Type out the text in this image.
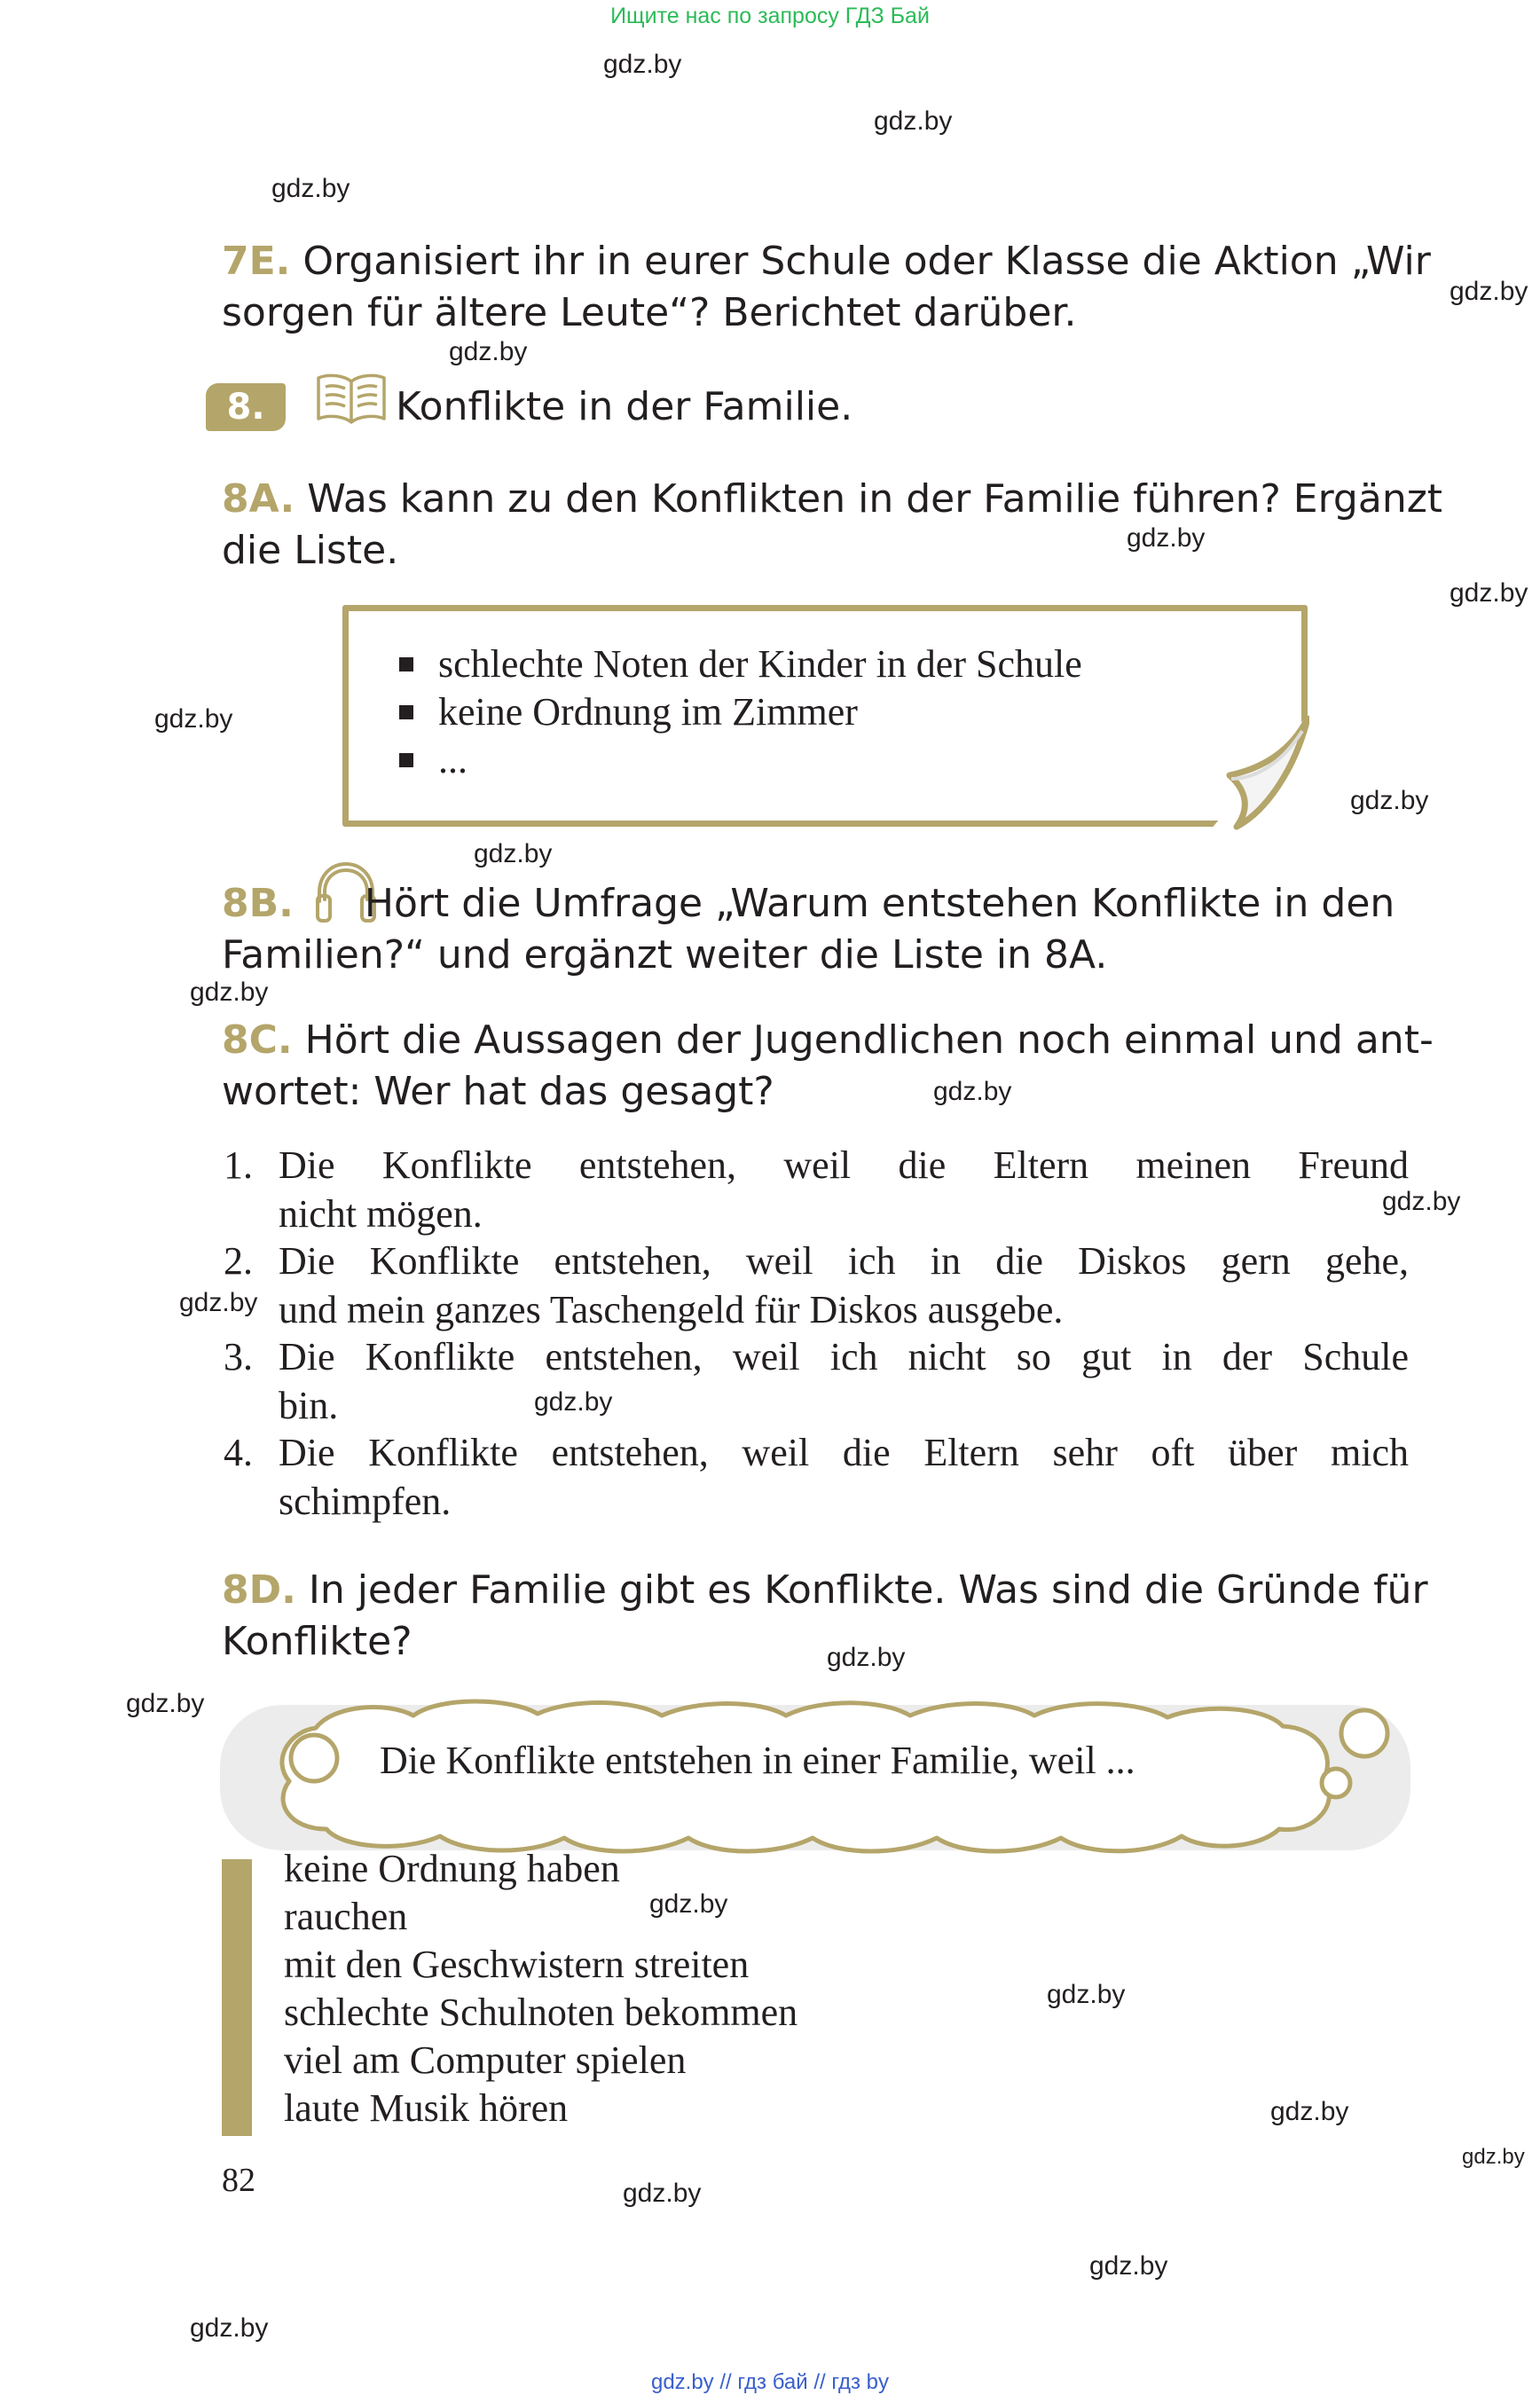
Ищите нас по запросу ГДЗ Бай
gdz.by
gdz.by
gdz.by
gdz.by
gdz.by
gdz.by
gdz.by
gdz.by
gdz.by
gdz.by
gdz.by
gdz.by
gdz.by
gdz.by
gdz.by
gdz.by
gdz.by
gdz.by
gdz.by
gdz.by
gdz.by
gdz.by
gdz.by
gdz.by
7E. Organisiert ihr in eurer Schule oder Klasse die Aktion „Wir
sorgen für ältere Leute“? Berichtet darüber.
8.	Konflikte in der Familie.
8A. Was kann zu den Konflikten in der Familie führen? Ergänzt
die Liste.
schlechte Noten der Kinder in der Schule
keine Ordnung im Zimmer
...
8B. Hört die Umfrage „Warum entstehen Konflikte in den
Familien?“ und ergänzt weiter die Liste in 8A.
8C. Hört die Aussagen der Jugendlichen noch einmal und ant-
wortet: Wer hat das gesagt?
1. Die Konflikte entstehen, weil die Eltern meinen Freund
nicht mögen.
2. Die Konflikte entstehen, weil ich in die Diskos gern gehe,
und mein ganzes Taschengeld für Diskos ausgebe.
3. Die Konflikte entstehen, weil ich nicht so gut in der Schule
bin.
4. Die Konflikte entstehen, weil die Eltern sehr oft über mich
schimpfen.
8D. In jeder Familie gibt es Konflikte. Was sind die Gründe für
Konflikte?
Die Konflikte entstehen in einer Familie, weil ...
keine Ordnung haben
rauchen
mit den Geschwistern streiten
schlechte Schulnoten bekommen
viel am Computer spielen
laute Musik hören
82
gdz.by // гдз бай // гдз by
